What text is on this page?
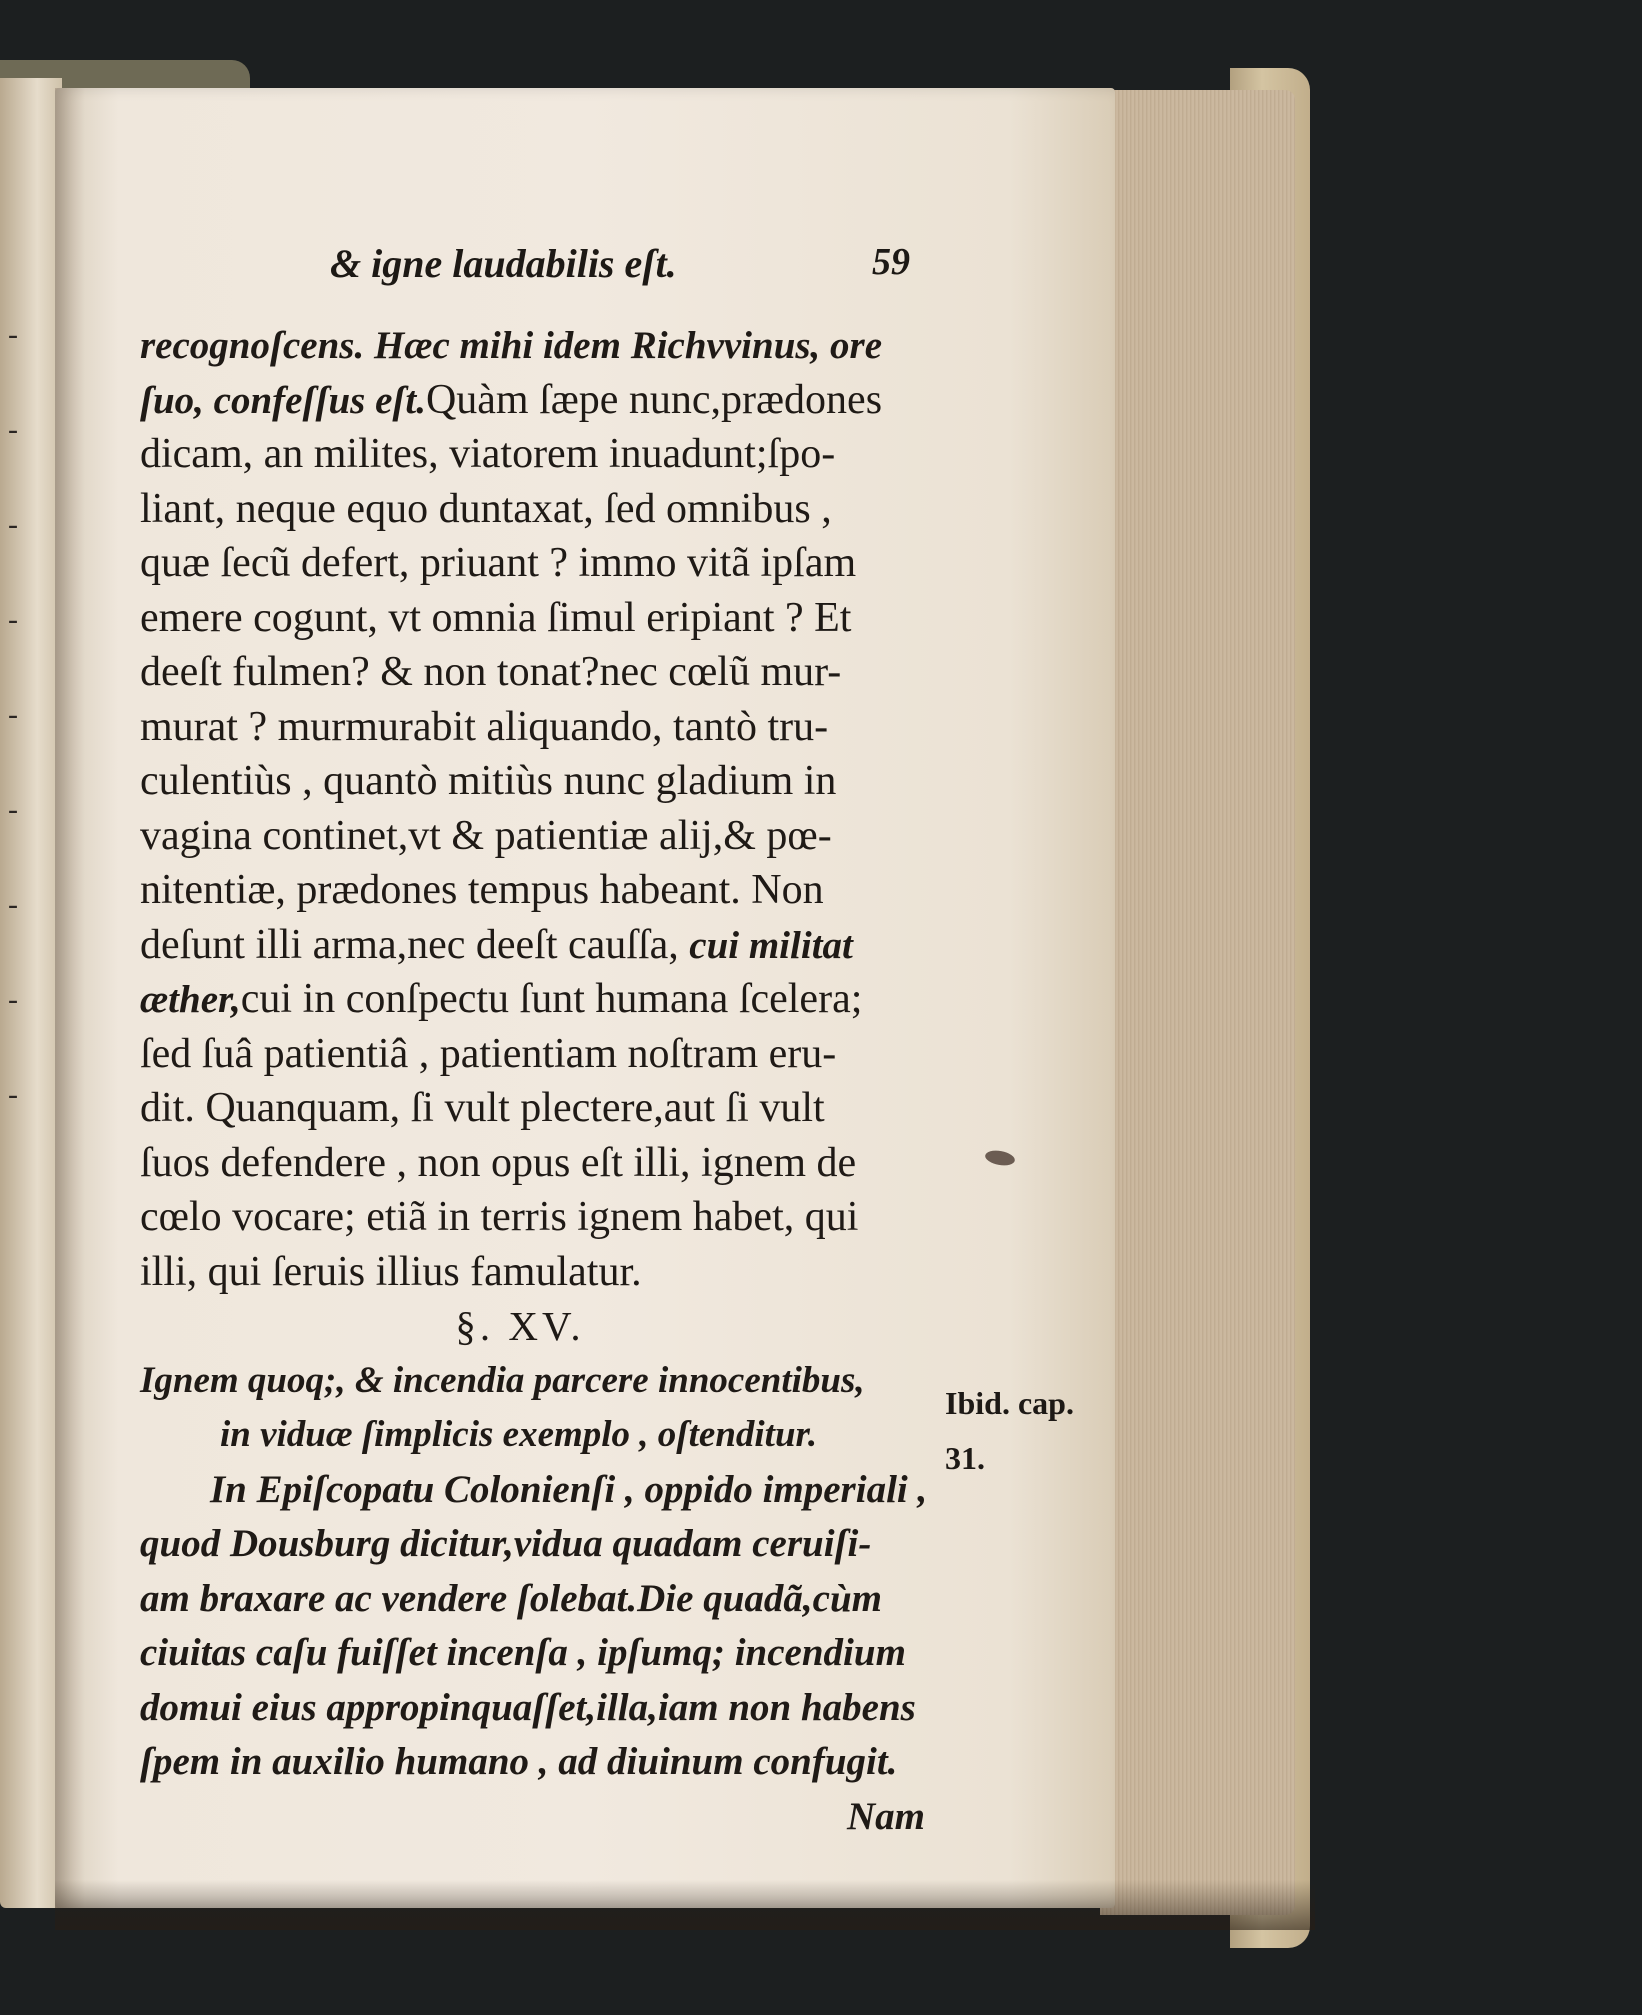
-
-
-
-
-
-
-
-
-
& igne laudabilis eſt.	59
recognoſcens. Hæc mihi idem Richvvinus, ore
ſuo, confeſſus eſt.Quàm ſæpe nunc,prædones
dicam, an milites, viatorem inuadunt;ſpo-
liant, neque equo duntaxat, ſed omnibus ,
quæ ſecũ defert, priuant ? immo vitã ipſam
emere cogunt, vt omnia ſimul eripiant ? Et
deeſt fulmen? & non tonat?nec cœlũ mur-
murat ? murmurabit aliquando, tantò tru-
culentiùs , quantò mitiùs nunc gladium in
vagina continet,vt & patientiæ alij,& pœ-
nitentiæ, prædones tempus habeant. Non
deſunt illi arma,nec deeſt cauſſa, cui militat
æther,cui in conſpectu ſunt humana ſcelera;
ſed ſuâ patientiâ , patientiam noſtram eru-
dit. Quanquam, ſi vult plectere,aut ſi vult
ſuos defendere , non opus eſt illi, ignem de
cœlo vocare; etiã in terris ignem habet, qui
illi, qui ſeruis illius famulatur.
§. XV.
Ignem quoq;, & incendia parcere innocentibus,
in viduæ ſimplicis exemplo , oſtenditur.
In Epiſcopatu Colonienſi , oppido imperiali ,
quod Dousburg dicitur,vidua quadam ceruiſi-
am braxare ac vendere ſolebat.Die quadã,cùm
ciuitas caſu fuiſſet incenſa , ipſumq; incendium
domui eius appropinquaſſet,illa,iam non habens
ſpem in auxilio humano , ad diuinum confugit.
Nam
Ibid. cap.
31.
